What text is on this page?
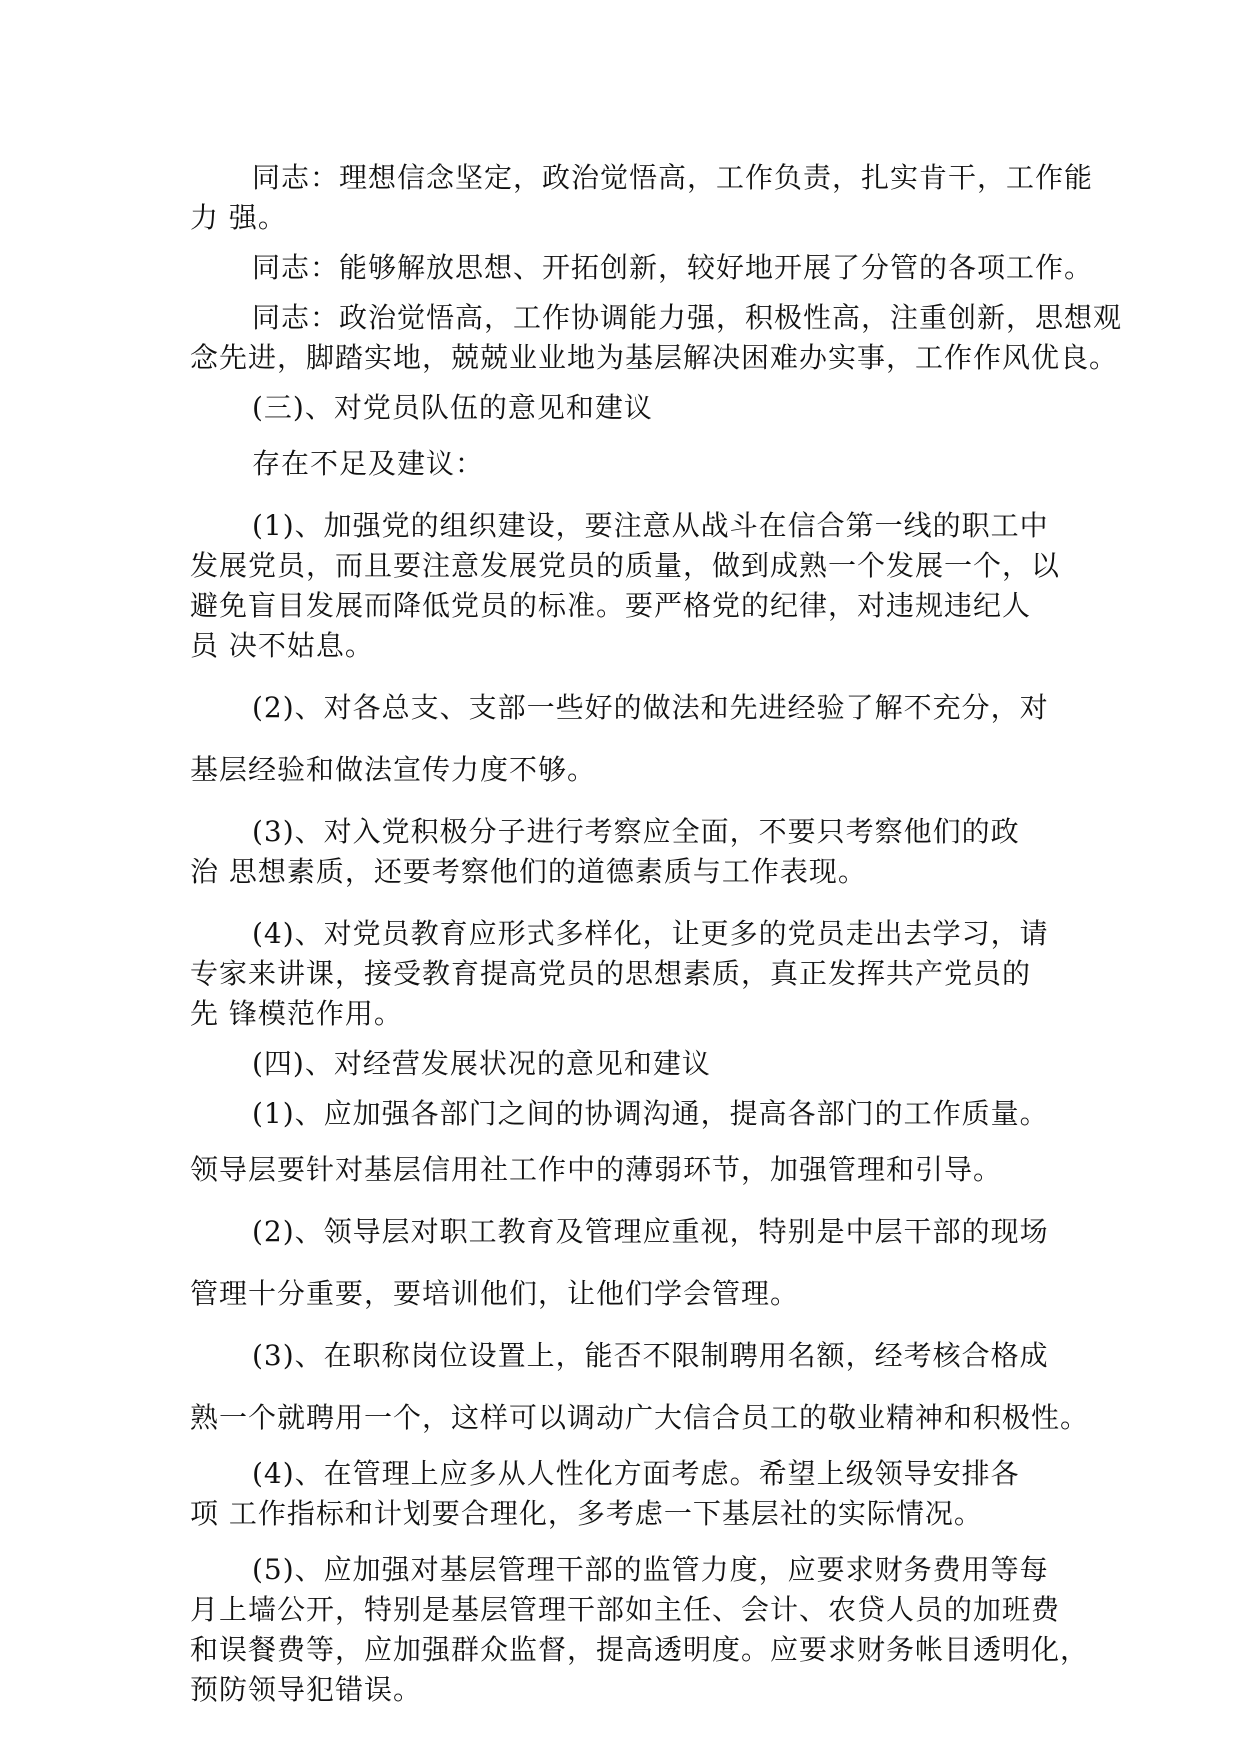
同志：理想信念坚定，政治觉悟高，工作负责，扎实肯干，工作能
力 强。
同志：能够解放思想、开拓创新，较好地开展了分管的各项工作。
同志：政治觉悟高，工作协调能力强，积极性高，注重创新，思想观
念先进，脚踏实地，兢兢业业地为基层解决困难办实事，工作作风优良。
(三)、对党员队伍的意见和建议
存在不足及建议：
(1)、加强党的组织建设，要注意从战斗在信合第一线的职工中
发展党员，而且要注意发展党员的质量，做到成熟一个发展一个，以
避免盲目发展而降低党员的标准。要严格党的纪律，对违规违纪人
员 决不姑息。
(2)、对各总支、支部一些好的做法和先进经验了解不充分，对
基层经验和做法宣传力度不够。
(3)、对入党积极分子进行考察应全面，不要只考察他们的政
治 思想素质，还要考察他们的道德素质与工作表现。
(4)、对党员教育应形式多样化，让更多的党员走出去学习，请
专家来讲课，接受教育提高党员的思想素质，真正发挥共产党员的
先 锋模范作用。
(四)、对经营发展状况的意见和建议
(1)、应加强各部门之间的协调沟通，提高各部门的工作质量。
领导层要针对基层信用社工作中的薄弱环节，加强管理和引导。
(2)、领导层对职工教育及管理应重视，特别是中层干部的现场
管理十分重要，要培训他们，让他们学会管理。
(3)、在职称岗位设置上，能否不限制聘用名额，经考核合格成
熟一个就聘用一个，这样可以调动广大信合员工的敬业精神和积极性。
(4)、在管理上应多从人性化方面考虑。希望上级领导安排各
项 工作指标和计划要合理化，多考虑一下基层社的实际情况。
(5)、应加强对基层管理干部的监管力度，应要求财务费用等每
月上墙公开，特别是基层管理干部如主任、会计、农贷人员的加班费
和误餐费等，应加强群众监督，提高透明度。应要求财务帐目透明化，
预防领导犯错误。
